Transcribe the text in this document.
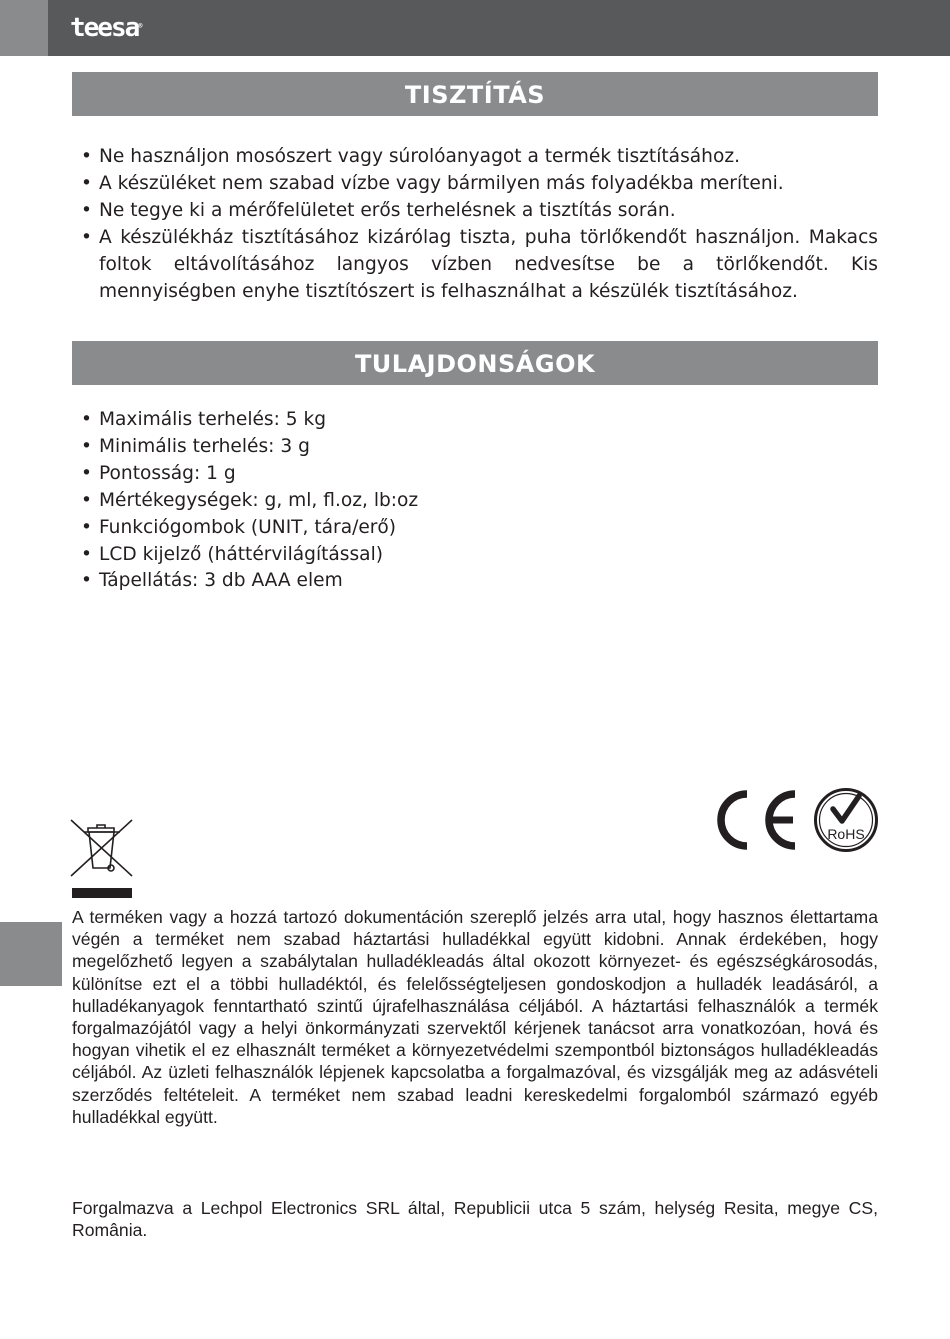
teesa®
TISZTÍTÁS
• Ne használjon mosószert vagy súrolóanyagot a termék tisztításához.
• A készüléket nem szabad vízbe vagy bármilyen más folyadékba meríteni.
• Ne tegye ki a mérőfelületet erős terhelésnek a tisztítás során.
• A készülékház tisztításához kizárólag tiszta, puha törlőkendőt használjon. Makacs foltok eltávolításához langyos vízben nedvesítse be a törlőkendőt. Kis mennyiségben enyhe tisztítószert is felhasználhat a készülék tisztításához.
TULAJDONSÁGOK
• Maximális terhelés: 5 kg
• Minimális terhelés: 3 g
• Pontosság: 1 g
• Mértékegységek: g, ml, fl.oz, lb:oz
• Funkciógombok (UNIT, tára/erő)
• LCD kijelző (háttérvilágítással)
• Tápellátás: 3 db AAA elem
RoHS

A terméken vagy a hozzá tartozó dokumentáción szereplő jelzés arra utal, hogy hasznos élettartama végén a terméket nem szabad háztartási hulladékkal együtt kidobni. Annak érdekében, hogy megelőzhető legyen a szabálytalan hulladékleadás által okozott környezet- és egészségkárosodás, különítse ezt el a többi hulladéktól, és felelősségteljesen gondoskodjon a hulladék leadásáról, a hulladékanyagok fenntartható szintű újrafelhasználása céljából. A háztartási felhasználók a termék forgalmazójától vagy a helyi önkormányzati szervektől kérjenek tanácsot arra vonatkozóan, hová és hogyan vihetik el ez elhasznált terméket a környezetvédelmi szempontból biztonságos hulladékleadás céljából. Az üzleti felhasználók lépjenek kapcsolatba a forgalmazóval, és vizsgálják meg az adásvételi szerződés feltételeit. A terméket nem szabad leadni kereskedelmi forgalomból származó egyéb hulladékkal együtt.

Forgalmazva a Lechpol Electronics SRL által, Republicii utca 5 szám, helység Resita, megye CS, România.
